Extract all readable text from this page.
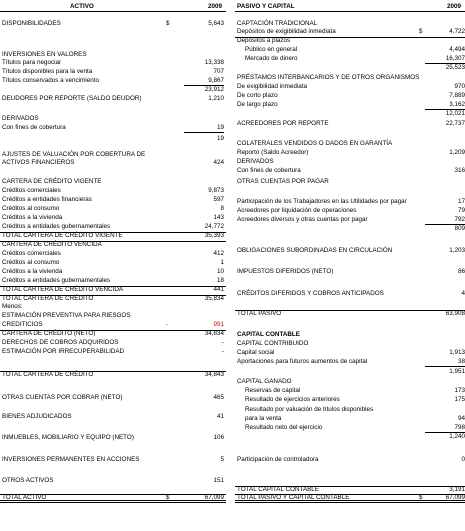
ACTIVO	2009
DISPONIBILIDADES	$	5,643
INVERSIONES EN VALORES
Títulos para negociar	13,338
Títulos disponibles para la venta	707
Títulos conservados a vencimiento	9,867
23,912
DEUDORES POR REPORTE (SALDO DEUDOR)	1,210
DERIVADOS
Con fines de cobertura	19
19
AJUSTES DE VALUACIÓN POR COBERTURA DE
ACTIVOS FINANCIEROS	424
CARTERA DE CRÉDITO VIGENTE
Créditos comerciales	9,873
Créditos a entidades financieras	597
Créditos al consumo	8
Créditos a la vivienda	143
Créditos a entidades gubernamentales	24,772
TOTAL CARTERA DE CRÉDITO VIGENTE	35,393
CARTERA DE CRÉDITO VENCIDA
Créditos comerciales	412
Créditos al consumo	1
Créditos a la vivienda	10
Créditos a entidades gubernamentales	18
TOTAL CARTERA DE CRÉDITO VENCIDA	441
TOTAL CARTERA DE CRÉDITO	35,834
Menos:
ESTIMACIÓN PREVENTIVA PARA RIESGOS
CREDITICIOS	-	991
CARTERA DE CRÉDITO (NETO)	34,834
DERECHOS DE COBROS ADQUIRIDOS	-
ESTIMACIÓN POR IRRECUPERABILIDAD	-
TOTAL CARTERA DE CRÉDITO	34,843
OTRAS CUENTAS POR COBRAR (NETO)	465
BIENES ADJUDICADOS	41
INMUEBLES, MOBILIARIO Y EQUIPO (NETO)	106
INVERSIONES PERMANENTES EN ACCIONES	5
OTROS ACTIVOS	151
TOTAL ACTIVO	$	67,099
PASIVO Y CAPITAL	2009
CAPTACIÓN TRADICIONAL
Depósitos de exigibilidad inmediata	$	4,722
Depósitos a plazos
Público en general	4,494
Mercado de dinero	16,307
25,523
PRÉSTAMOS INTERBANCARIOS Y DE OTROS ORGANISMOS
De exigibilidad inmediata	970
De corto plazo	7,889
De largo plazo	3,162
12,021
ACREEDORES POR REPORTE	22,737
COLATERALES VENDIDOS O DADOS EN GARANTÍA
Reporto (Saldo Acreedor)	1,209
DERIVADOS
Con fines de cobertura	316
OTRAS CUENTAS POR PAGAR
Participación de los Trabajadores en las Utilidades por pagar	17
Acreedores por liquidación de operaciones	79
Acreedores diversos y otras cuentas por pagar	792
809
OBLIGACIONES SUBORDINADAS EN CIRCULACIÓN	1,203
IMPUESTOS DIFERIDOS (NETO)	86
CRÉDITOS DIFERIDOS Y COBROS ANTICIPADOS	4
TOTAL PASIVO	63,908
CAPITAL CONTABLE
CAPITAL CONTRIBUIDO
Capital social	1,913
Aportaciones para futuros aumentos de capital	38
1,951
CAPITAL GANADO
Reservas de capital	173
Resultado de ejercicios anteriores	175
Resultado por valuación de títulos disponibles
para la venta	94
Resultado neto del ejercicio	798
1,240
Participación de controladora	0
TOTAL CAPITAL CONTABLE	3,191
TOTAL PASIVO Y CAPITAL CONTABLE	$	67,099
